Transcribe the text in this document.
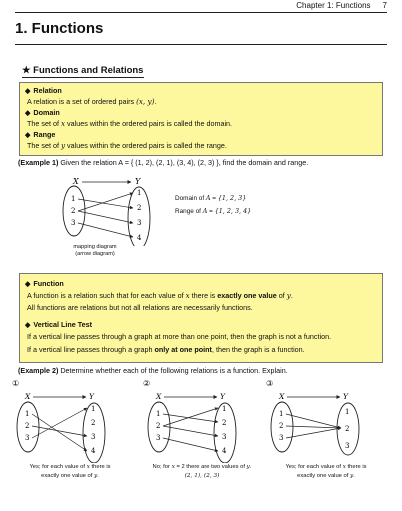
Chapter 1: Functions 7
1. Functions
★ Functions and Relations
◆ Relation
A relation is a set of ordered pairs (x, y).
◆ Domain
The set of x values within the ordered pairs is called the domain.
◆ Range
The set of y values within the ordered pairs is called the range.
(Example 1) Given the relation A = { (1, 2), (2, 1), (3, 4), (2, 3) }, find the domain and range.
X	Y
1
2
3
1
2
3
4
mapping diagram
(arrow diagram)
Domain of A = {1, 2, 3}
Range of A = {1, 2, 3, 4}
◆ Function
A function is a relation such that for each value of x there is exactly one value of y.
All functions are relations but not all relations are necessarily functions.
◆ Vertical Line Test
If a vertical line passes through a graph at more than one point, then the graph is not a function.
If a vertical line passes through a graph only at one point, then the graph is a function.
(Example 2) Determine whether each of the following relations is a function. Explain.
①
X	Y
1
2
3
1
2
3
4
②
X	Y
1
2
3
1
2
3
4
③
X	Y
1
2
3
1
2
3
Yes; for each value of x there is
exactly one value of y.
No; for x = 2 there are two values of y.
(2, 1), (2, 3)
Yes; for each value of x there is
exactly one value of y.
